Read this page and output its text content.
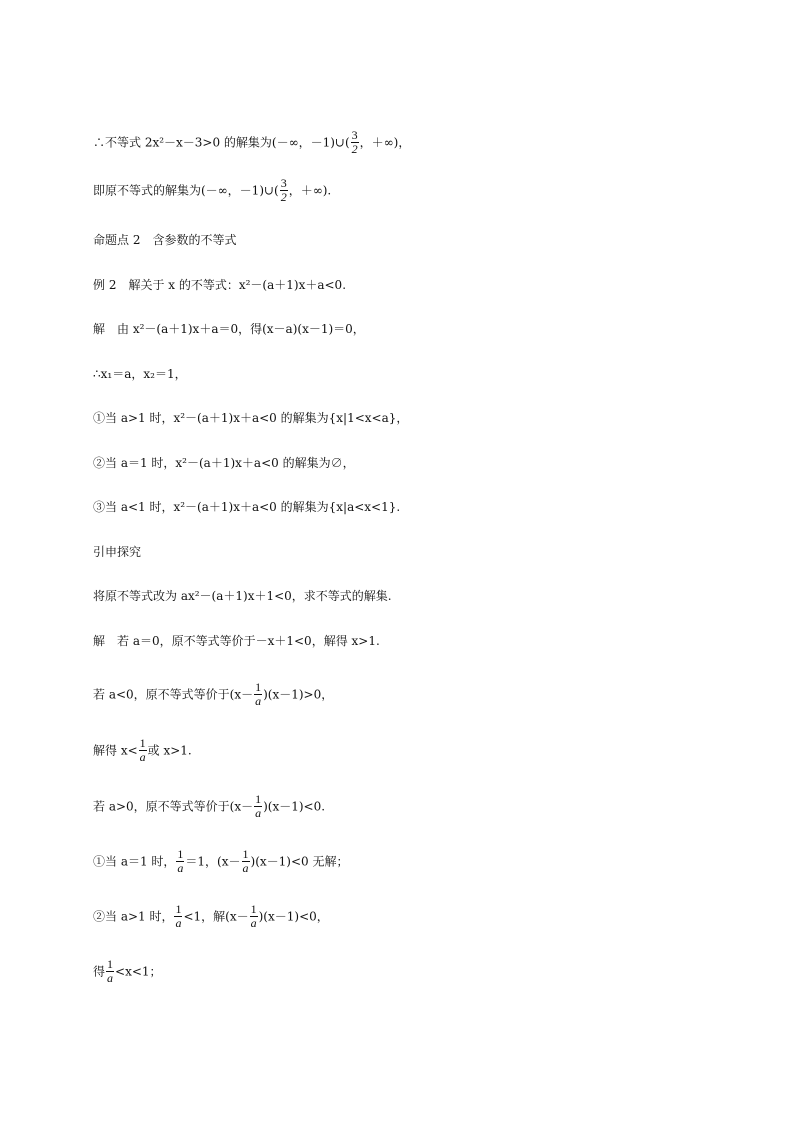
∴不等式 2x²－x－3>0 的解集为(－∞，－1)∪( $\frac{3}{2}$ ，＋∞)，
即原不等式的解集为(－∞，－1)∪( $\frac{3}{2}$ ，＋∞).
命题点 2　含参数的不等式
例 2　解关于 x 的不等式：x²－(a＋1)x＋a<0.
解　由 x²－(a＋1)x＋a＝0，得(x－a)(x－1)＝0，
∴x₁＝a，x₂＝1，
①当 a>1 时，x²－(a＋1)x＋a<0 的解集为{x|1<x<a}，
②当 a＝1 时，x²－(a＋1)x＋a<0 的解集为∅，
③当 a<1 时，x²－(a＋1)x＋a<0 的解集为{x|a<x<1}.
引申探究
将原不等式改为 ax²－(a＋1)x＋1<0，求不等式的解集.
解　若 a＝0，原不等式等价于－x＋1<0，解得 x>1.
若 a<0，原不等式等价于$(x- \frac{1}{a} )(x-1)>0$，
解得 $x< \frac{1}{a}$ 或 x>1.
若 a>0，原不等式等价于$(x- \frac{1}{a} )(x-1)<0$.
①当 a＝1 时， $\frac{1}{a} =1$，$(x- \frac{1}{a} )(x-1)<0$ 无解；
②当 a>1 时， $\frac{1}{a} <1$，解$(x- \frac{1}{a} )(x-1)<0$，
得 $\frac{1}{a} <x<1$；
